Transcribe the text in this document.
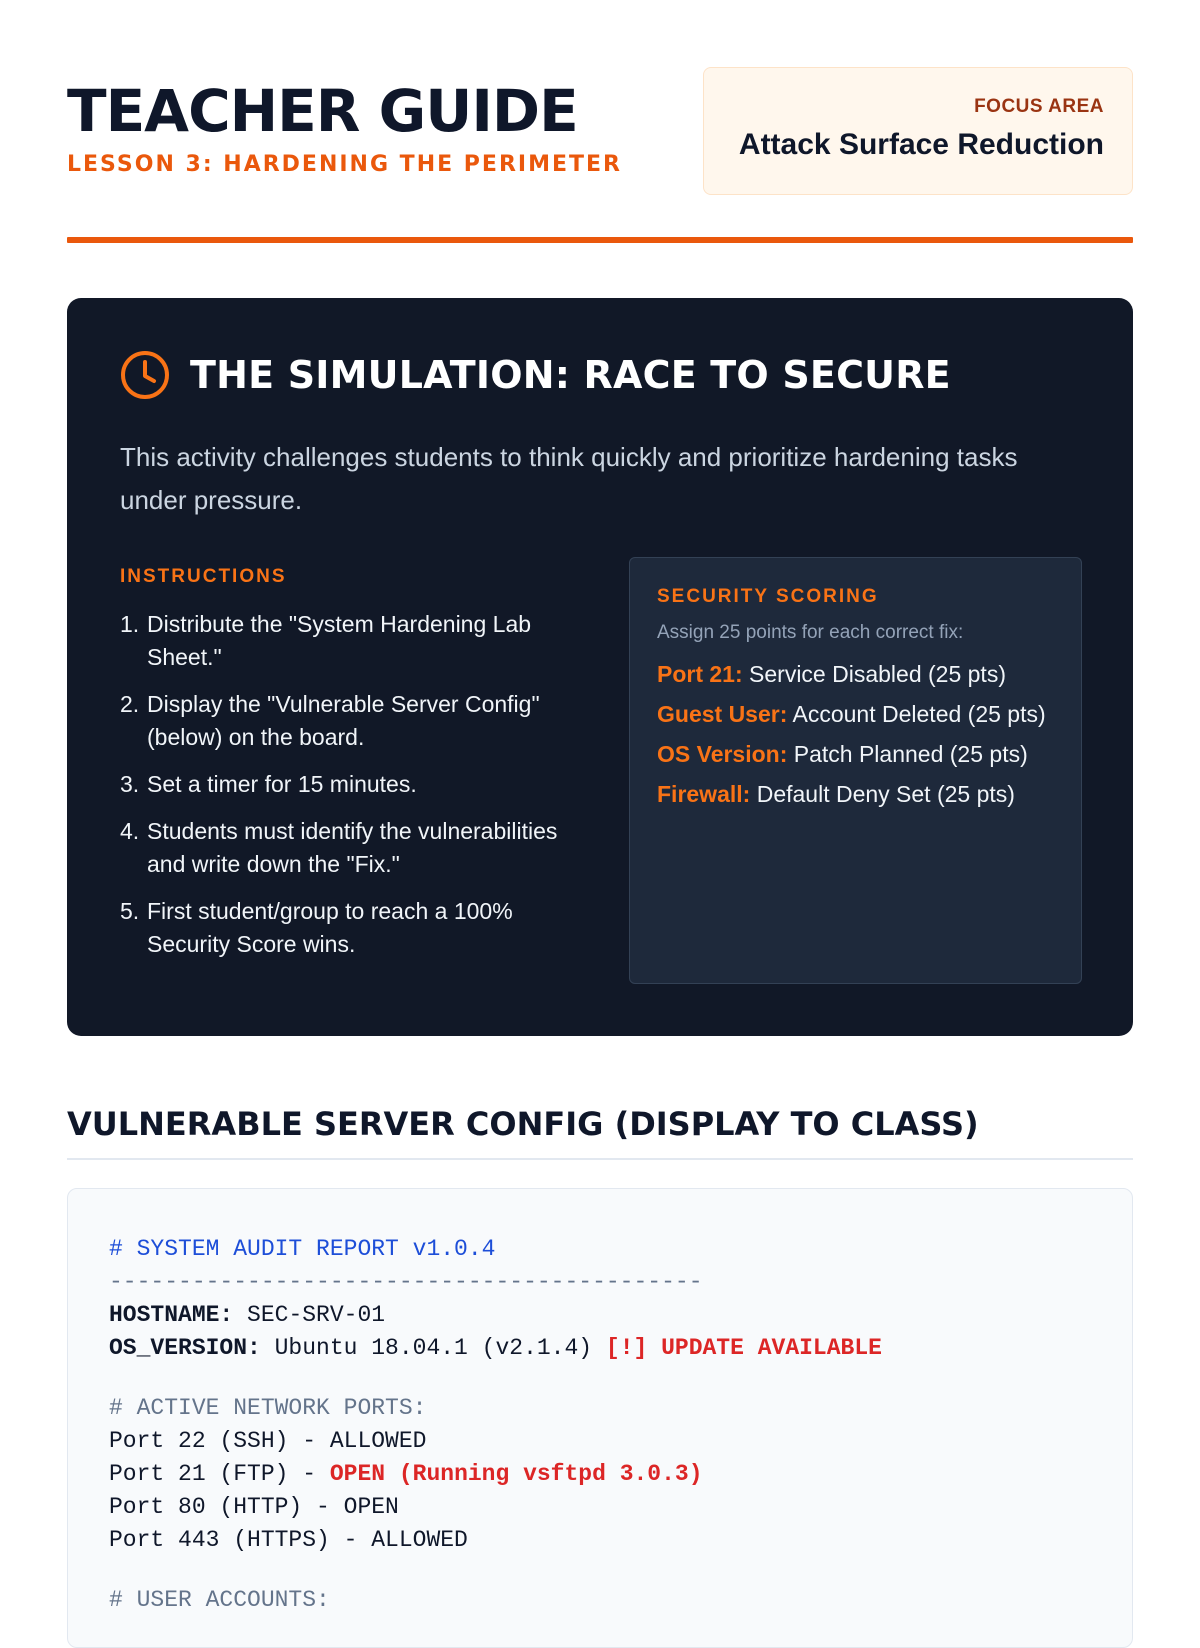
TEACHER GUIDE
LESSON 3: HARDENING THE PERIMETER
FOCUS AREA
Attack Surface Reduction
THE SIMULATION: RACE TO SECURE

This activity challenges students to think quickly and prioritize hardening tasks under pressure.

INSTRUCTIONS
1. Distribute the "System Hardening Lab Sheet."
2. Display the "Vulnerable Server Config" (below) on the board.
3. Set a timer for 15 minutes.
4. Students must identify the vulnerabilities and write down the "Fix."
5. First student/group to reach a 100% Security Score wins.
SECURITY SCORING
Assign 25 points for each correct fix:
Port 21: Service Disabled (25 pts)
Guest User: Account Deleted (25 pts)
OS Version: Patch Planned (25 pts)
Firewall: Default Deny Set (25 pts)
VULNERABLE SERVER CONFIG (DISPLAY TO CLASS)
# SYSTEM AUDIT REPORT v1.0.4
-------------------------------------------
HOSTNAME: SEC-SRV-01
OS_VERSION: Ubuntu 18.04.1 (v2.1.4) [!] UPDATE AVAILABLE
# ACTIVE NETWORK PORTS:
Port 22 (SSH) - ALLOWED
Port 21 (FTP) - OPEN (Running vsftpd 3.0.3)
Port 80 (HTTP) - OPEN
Port 443 (HTTPS) - ALLOWED
# USER ACCOUNTS:
